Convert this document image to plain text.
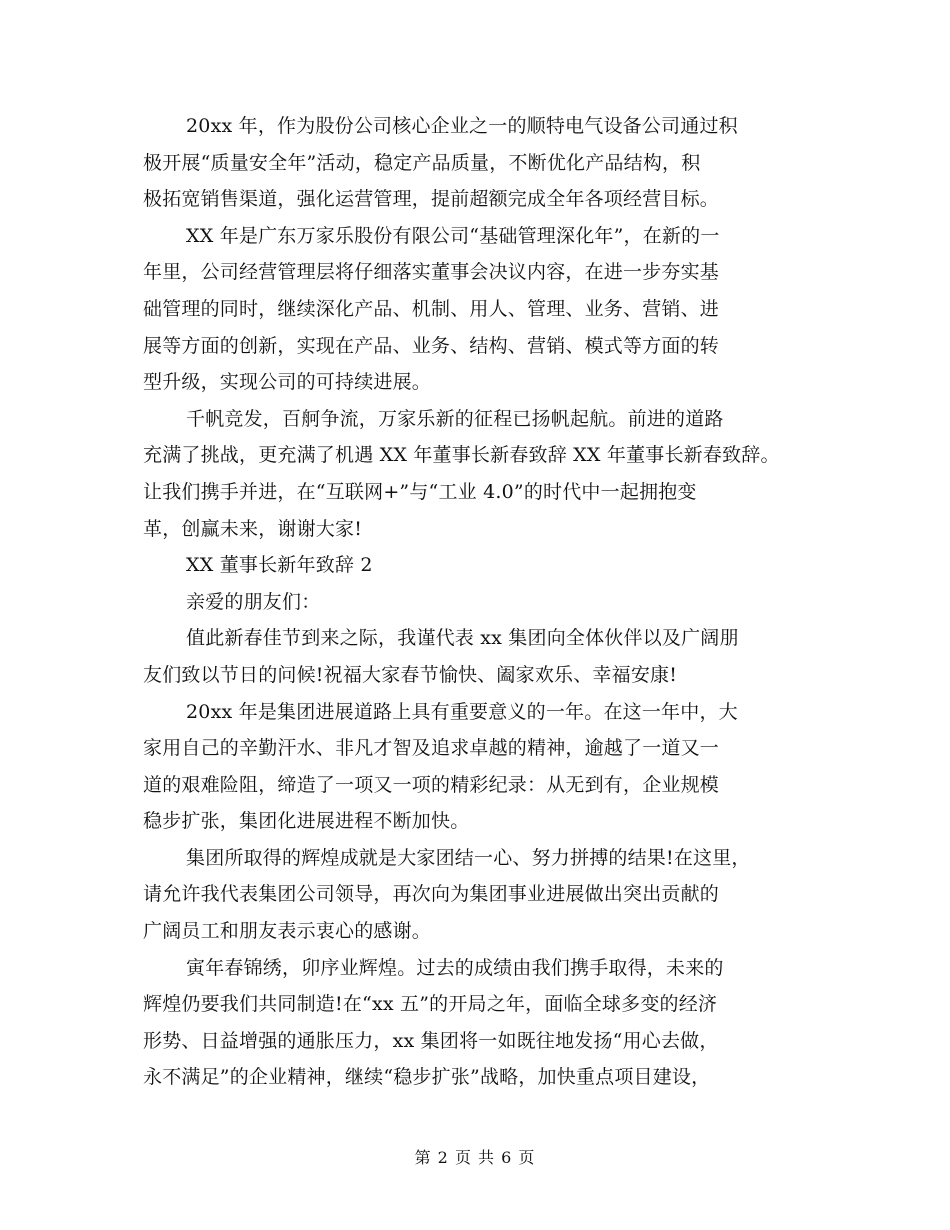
20xx 年，作为股份公司核心企业之一的顺特电气设备公司通过积
极开展“质量安全年”活动，稳定产品质量，不断优化产品结构，积
极拓宽销售渠道，强化运营管理，提前超额完成全年各项经营目标。
XX 年是广东万家乐股份有限公司“基础管理深化年”，在新的一
年里，公司经营管理层将仔细落实董事会决议内容，在进一步夯实基
础管理的同时，继续深化产品、机制、用人、管理、业务、营销、进
展等方面的创新，实现在产品、业务、结构、营销、模式等方面的转
型升级，实现公司的可持续进展。
千帆竞发，百舸争流，万家乐新的征程已扬帆起航。前进的道路
充满了挑战，更充满了机遇 XX 年董事长新春致辞 XX 年董事长新春致辞。
让我们携手并进，在“互联网+”与“工业 4.0”的时代中一起拥抱变
革，创赢未来，谢谢大家!
XX 董事长新年致辞 2
亲爱的朋友们：
值此新春佳节到来之际，我谨代表 xx 集团向全体伙伴以及广阔朋
友们致以节日的问候!祝福大家春节愉快、阖家欢乐、幸福安康!
20xx 年是集团进展道路上具有重要意义的一年。在这一年中，大
家用自己的辛勤汗水、非凡才智及追求卓越的精神，逾越了一道又一
道的艰难险阻，缔造了一项又一项的精彩纪录：从无到有，企业规模
稳步扩张，集团化进展进程不断加快。
集团所取得的辉煌成就是大家团结一心、努力拼搏的结果!在这里，
请允许我代表集团公司领导，再次向为集团事业进展做出突出贡献的
广阔员工和朋友表示衷心的感谢。
寅年春锦绣，卯序业辉煌。过去的成绩由我们携手取得，未来的
辉煌仍要我们共同制造!在“xx 五”的开局之年，面临全球多变的经济
形势、日益增强的通胀压力，xx 集团将一如既往地发扬“用心去做，
永不满足”的企业精神，继续“稳步扩张”战略，加快重点项目建设，
第 2 页 共 6 页
